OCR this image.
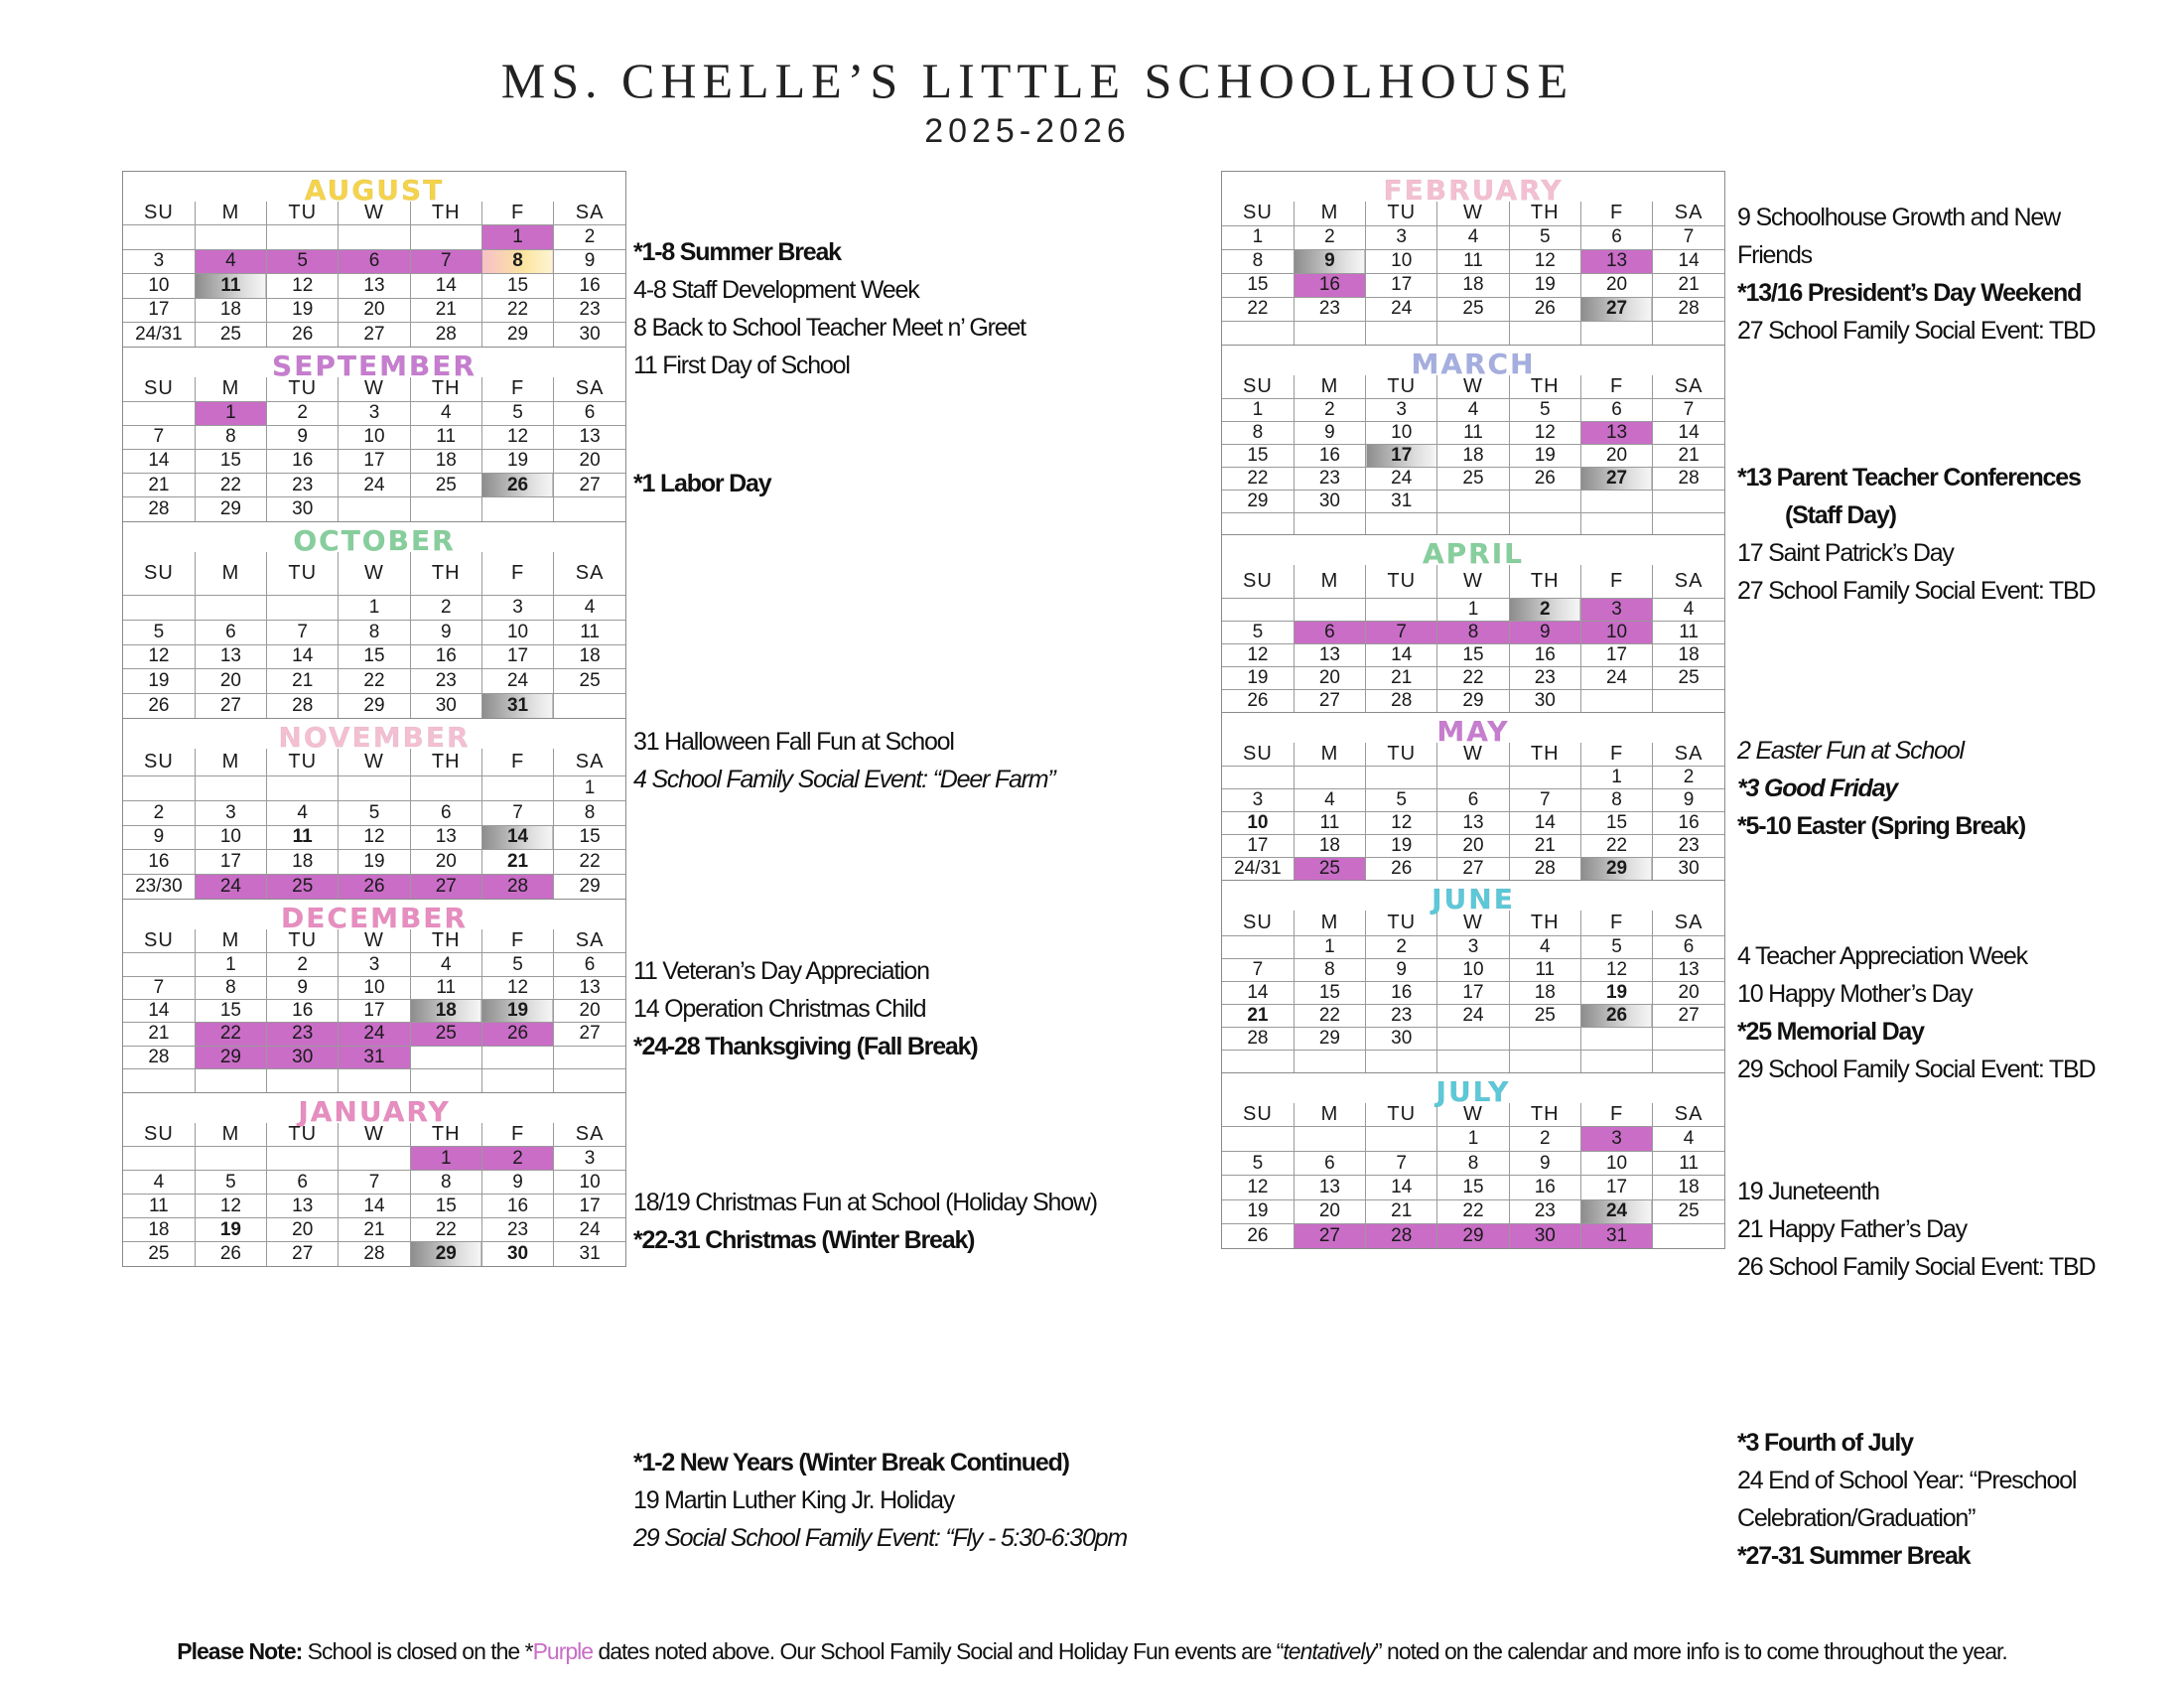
MS. CHELLE’S LITTLE SCHOOLHOUSE
2025-2026
AUGUST
SU	M	TU	W	TH	F	SA
					1	2
3	4	5	6	7	8	9
10	11	12	13	14	15	16
17	18	19	20	21	22	23
24/31	25	26	27	28	29	30
SEPTEMBER
SU	M	TU	W	TH	F	SA
	1	2	3	4	5	6
7	8	9	10	11	12	13
14	15	16	17	18	19	20
21	22	23	24	25	26	27
28	29	30				
OCTOBER
SU	M	TU	W	TH	F	SA
			1	2	3	4
5	6	7	8	9	10	11
12	13	14	15	16	17	18
19	20	21	22	23	24	25
26	27	28	29	30	31	
NOVEMBER
SU	M	TU	W	TH	F	SA
						1
2	3	4	5	6	7	8
9	10	11	12	13	14	15
16	17	18	19	20	21	22
23/30	24	25	26	27	28	29
DECEMBER
SU	M	TU	W	TH	F	SA
	1	2	3	4	5	6
7	8	9	10	11	12	13
14	15	16	17	18	19	20
21	22	23	24	25	26	27
28	29	30	31			

JANUARY
SU	M	TU	W	TH	F	SA
				1	2	3
4	5	6	7	8	9	10
11	12	13	14	15	16	17
18	19	20	21	22	23	24
25	26	27	28	29	30	31
FEBRUARY
SU	M	TU	W	TH	F	SA
1	2	3	4	5	6	7
8	9	10	11	12	13	14
15	16	17	18	19	20	21
22	23	24	25	26	27	28

MARCH
SU	M	TU	W	TH	F	SA
1	2	3	4	5	6	7
8	9	10	11	12	13	14
15	16	17	18	19	20	21
22	23	24	25	26	27	28
29	30	31				

APRIL
SU	M	TU	W	TH	F	SA
			1	2	3	4
5	6	7	8	9	10	11
12	13	14	15	16	17	18
19	20	21	22	23	24	25
26	27	28	29	30		
MAY
SU	M	TU	W	TH	F	SA
					1	2
3	4	5	6	7	8	9
10	11	12	13	14	15	16
17	18	19	20	21	22	23
24/31	25	26	27	28	29	30
JUNE
SU	M	TU	W	TH	F	SA
	1	2	3	4	5	6
7	8	9	10	11	12	13
14	15	16	17	18	19	20
21	22	23	24	25	26	27
28	29	30				

JULY
SU	M	TU	W	TH	F	SA
			1	2	3	4
5	6	7	8	9	10	11
12	13	14	15	16	17	18
19	20	21	22	23	24	25
26	27	28	29	30	31	
*1-8 Summer Break
4-8 Staff Development Week
8 Back to School Teacher Meet n’ Greet
11 First Day of School
*1 Labor Day
31 Halloween Fall Fun at School
4 School Family Social Event: “Deer Farm”
11 Veteran’s Day Appreciation
14 Operation Christmas Child
*24-28 Thanksgiving (Fall Break)
18/19 Christmas Fun at School (Holiday Show)
*22-31 Christmas (Winter Break)
*1-2 New Years (Winter Break Continued)
19 Martin Luther King Jr. Holiday
29 Social School Family Event: “Fly - 5:30-6:30pm
9 Schoolhouse Growth and New
Friends
*13/16 President’s Day Weekend
27 School Family Social Event: TBD
*13 Parent Teacher Conferences
(Staff Day)
17 Saint Patrick’s Day
27 School Family Social Event: TBD
2 Easter Fun at School
*3 Good Friday
*5-10 Easter (Spring Break)
4 Teacher Appreciation Week
10 Happy Mother’s Day
*25 Memorial Day
29 School Family Social Event: TBD
19 Juneteenth
21 Happy Father’s Day
26 School Family Social Event: TBD
*3 Fourth of July
24 End of School Year: “Preschool
Celebration/Graduation”
*27-31 Summer Break
Please Note: School is closed on the *Purple dates noted above. Our School Family Social and Holiday Fun events are “tentatively” noted on the calendar and more info is to come throughout the year.
